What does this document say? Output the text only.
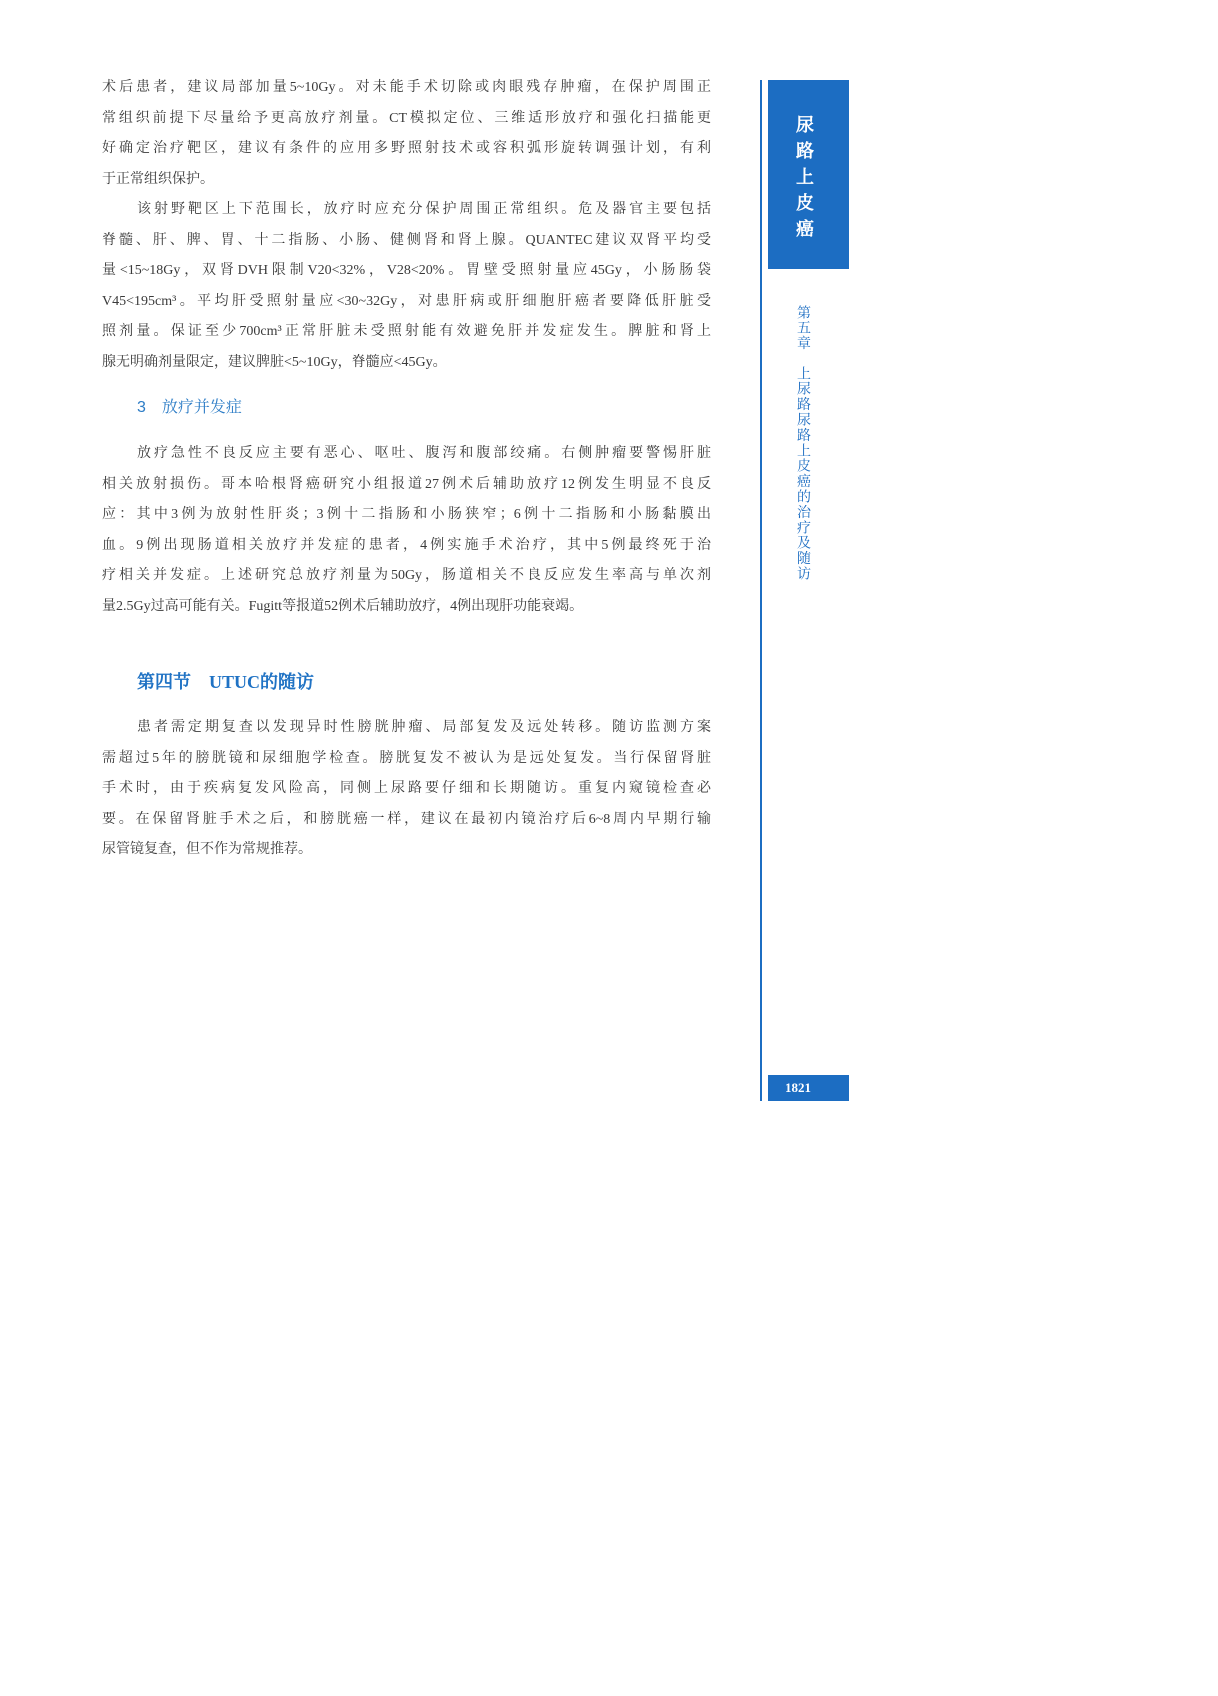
术后患者，建议局部加量5~10Gy。对未能手术切除或肉眼残存肿瘤，在保护周围正
常组织前提下尽量给予更高放疗剂量。CT模拟定位、三维适形放疗和强化扫描能更
好确定治疗靶区，建议有条件的应用多野照射技术或容积弧形旋转调强计划，有利
于正常组织保护。
该射野靶区上下范围长，放疗时应充分保护周围正常组织。危及器官主要包括
脊髓、肝、脾、胃、十二指肠、小肠、健侧肾和肾上腺。QUANTEC建议双肾平均受
量<15~18Gy，双肾DVH限制V20<32%，V28<20%。胃壁受照射量应45Gy，小肠肠袋
V45<195cm³。平均肝受照射量应<30~32Gy，对患肝病或肝细胞肝癌者要降低肝脏受
照剂量。保证至少700cm³正常肝脏未受照射能有效避免肝并发症发生。脾脏和肾上
腺无明确剂量限定，建议脾脏<5~10Gy，脊髓应<45Gy。
3 放疗并发症
放疗急性不良反应主要有恶心、呕吐、腹泻和腹部绞痛。右侧肿瘤要警惕肝脏
相关放射损伤。哥本哈根肾癌研究小组报道27例术后辅助放疗12例发生明显不良反
应：其中3例为放射性肝炎；3例十二指肠和小肠狭窄；6例十二指肠和小肠黏膜出
血。9例出现肠道相关放疗并发症的患者，4例实施手术治疗，其中5例最终死于治
疗相关并发症。上述研究总放疗剂量为50Gy，肠道相关不良反应发生率高与单次剂
量2.5Gy过高可能有关。Fugitt等报道52例术后辅助放疗，4例出现肝功能衰竭。
第四节 UTUC的随访
患者需定期复查以发现异时性膀胱肿瘤、局部复发及远处转移。随访监测方案
需超过5年的膀胱镜和尿细胞学检查。膀胱复发不被认为是远处复发。当行保留肾脏
手术时，由于疾病复发风险高，同侧上尿路要仔细和长期随访。重复内窥镜检查必
要。在保留肾脏手术之后，和膀胱癌一样，建议在最初内镜治疗后6~8周内早期行输
尿管镜复查，但不作为常规推荐。
尿路上皮癌
第五章
上尿路尿路上皮癌的治疗及随访
1821
